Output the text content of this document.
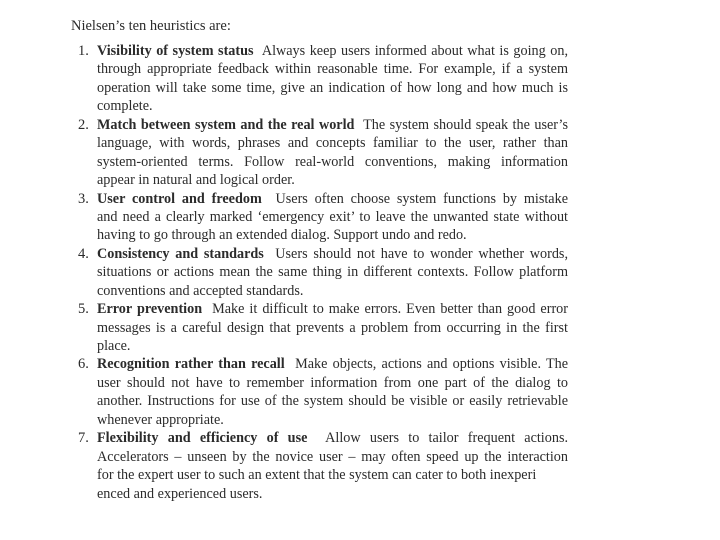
Nielsen’s ten heuristics are:
1. Visibility of system status Always keep users informed about what is going on,
through appropriate feedback within reasonable time. For example, if a system
operation will take some time, give an indication of how long and how much is
complete.
2. Match between system and the real world The system should speak the user’s
language, with words, phrases and concepts familiar to the user, rather than
system-oriented terms. Follow real-world conventions, making information
appear in natural and logical order.
3. User control and freedom Users often choose system functions by mistake
and need a clearly marked ‘emergency exit’ to leave the unwanted state without
having to go through an extended dialog. Support undo and redo.
4. Consistency and standards Users should not have to wonder whether words,
situations or actions mean the same thing in different contexts. Follow platform
conventions and accepted standards.
5. Error prevention Make it difficult to make errors. Even better than good error
messages is a careful design that prevents a problem from occurring in the first
place.
6. Recognition rather than recall Make objects, actions and options visible. The
user should not have to remember information from one part of the dialog to
another. Instructions for use of the system should be visible or easily retrievable
whenever appropriate.
7. Flexibility and efficiency of use Allow users to tailor frequent actions.
Accelerators – unseen by the novice user – may often speed up the interaction
for the expert user to such an extent that the system can cater to both inexperi
enced and experienced users.
